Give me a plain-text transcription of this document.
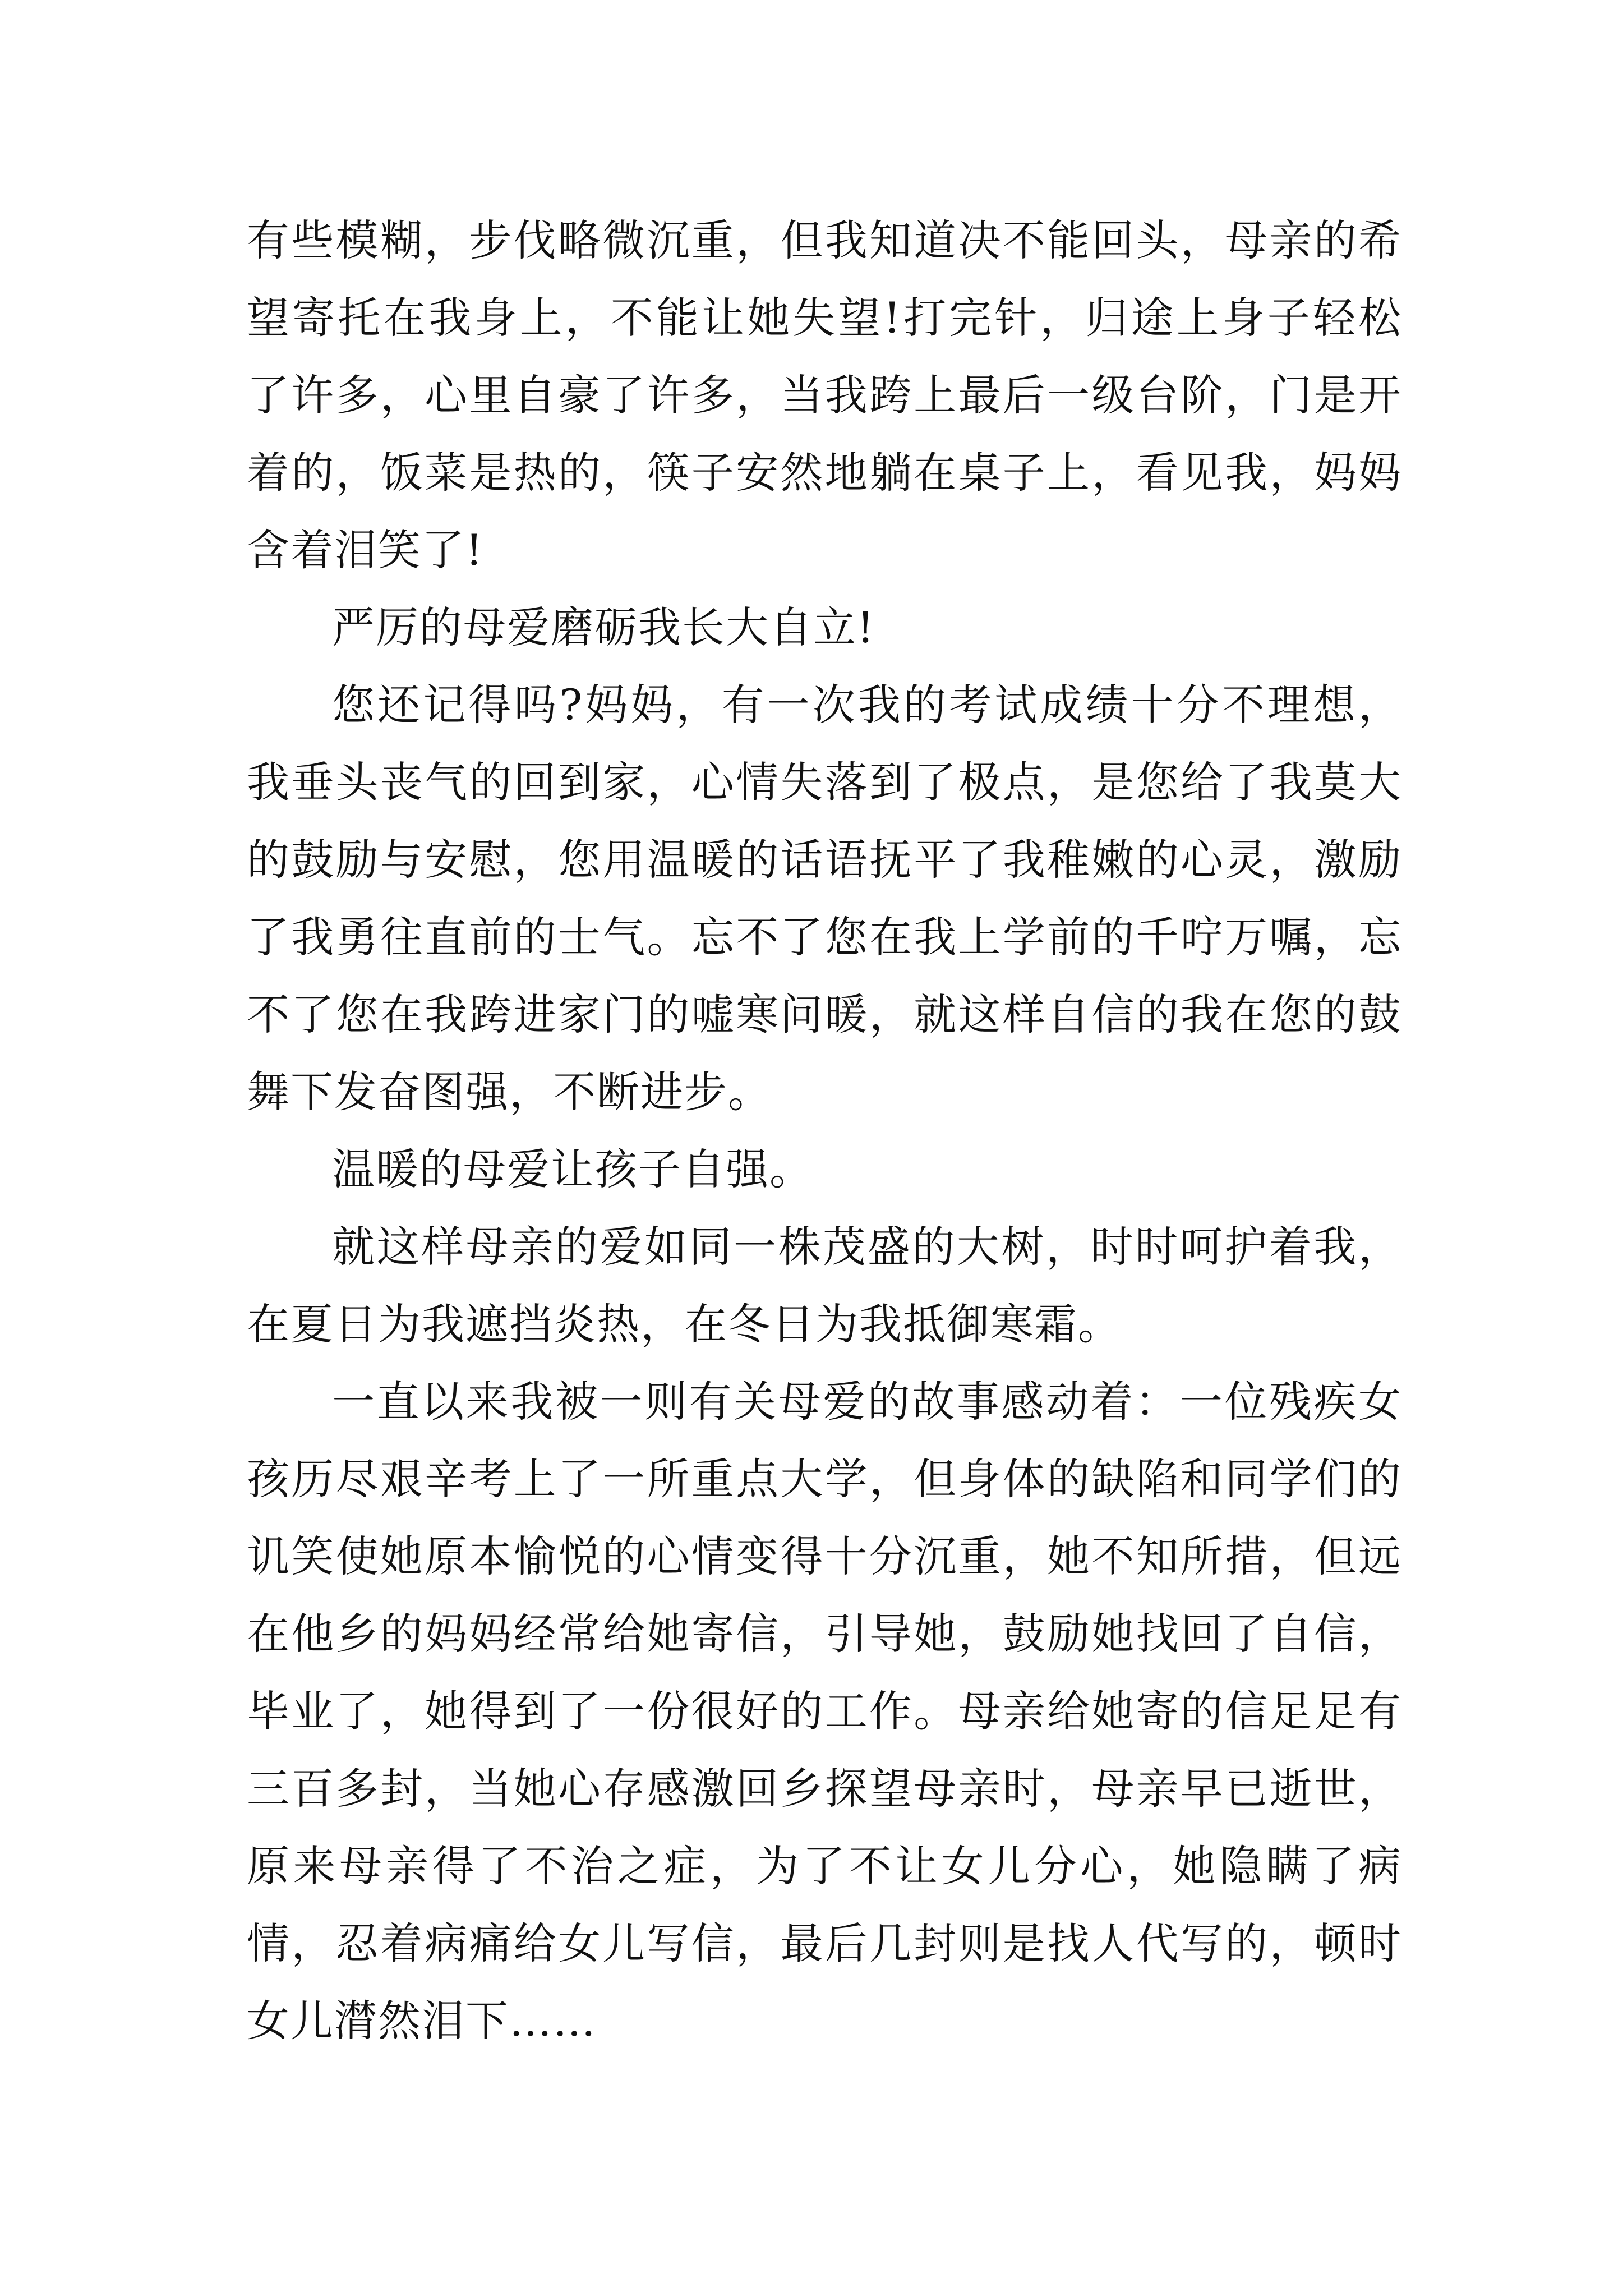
有些模糊，步伐略微沉重，但我知道决不能回头，母亲的希望寄托在我身上，不能让她失望!打完针，归途上身子轻松了许多，心里自豪了许多，当我跨上最后一级台阶，门是开着的，饭菜是热的，筷子安然地躺在桌子上，看见我，妈妈含着泪笑了!

严厉的母爱磨砺我长大自立!

您还记得吗?妈妈，有一次我的考试成绩十分不理想，我垂头丧气的回到家，心情失落到了极点，是您给了我莫大的鼓励与安慰，您用温暖的话语抚平了我稚嫩的心灵，激励了我勇往直前的士气。忘不了您在我上学前的千咛万嘱，忘不了您在我跨进家门的嘘寒问暖，就这样自信的我在您的鼓舞下发奋图强，不断进步。

温暖的母爱让孩子自强。

就这样母亲的爱如同一株茂盛的大树，时时呵护着我，在夏日为我遮挡炎热，在冬日为我抵御寒霜。

一直以来我被一则有关母爱的故事感动着：一位残疾女孩历尽艰辛考上了一所重点大学，但身体的缺陷和同学们的讥笑使她原本愉悦的心情变得十分沉重，她不知所措，但远在他乡的妈妈经常给她寄信，引导她，鼓励她找回了自信，毕业了，她得到了一份很好的工作。母亲给她寄的信足足有三百多封，当她心存感激回乡探望母亲时，母亲早已逝世，原来母亲得了不治之症，为了不让女儿分心，她隐瞒了病情，忍着病痛给女儿写信，最后几封则是找人代写的，顿时女儿潸然泪下……
